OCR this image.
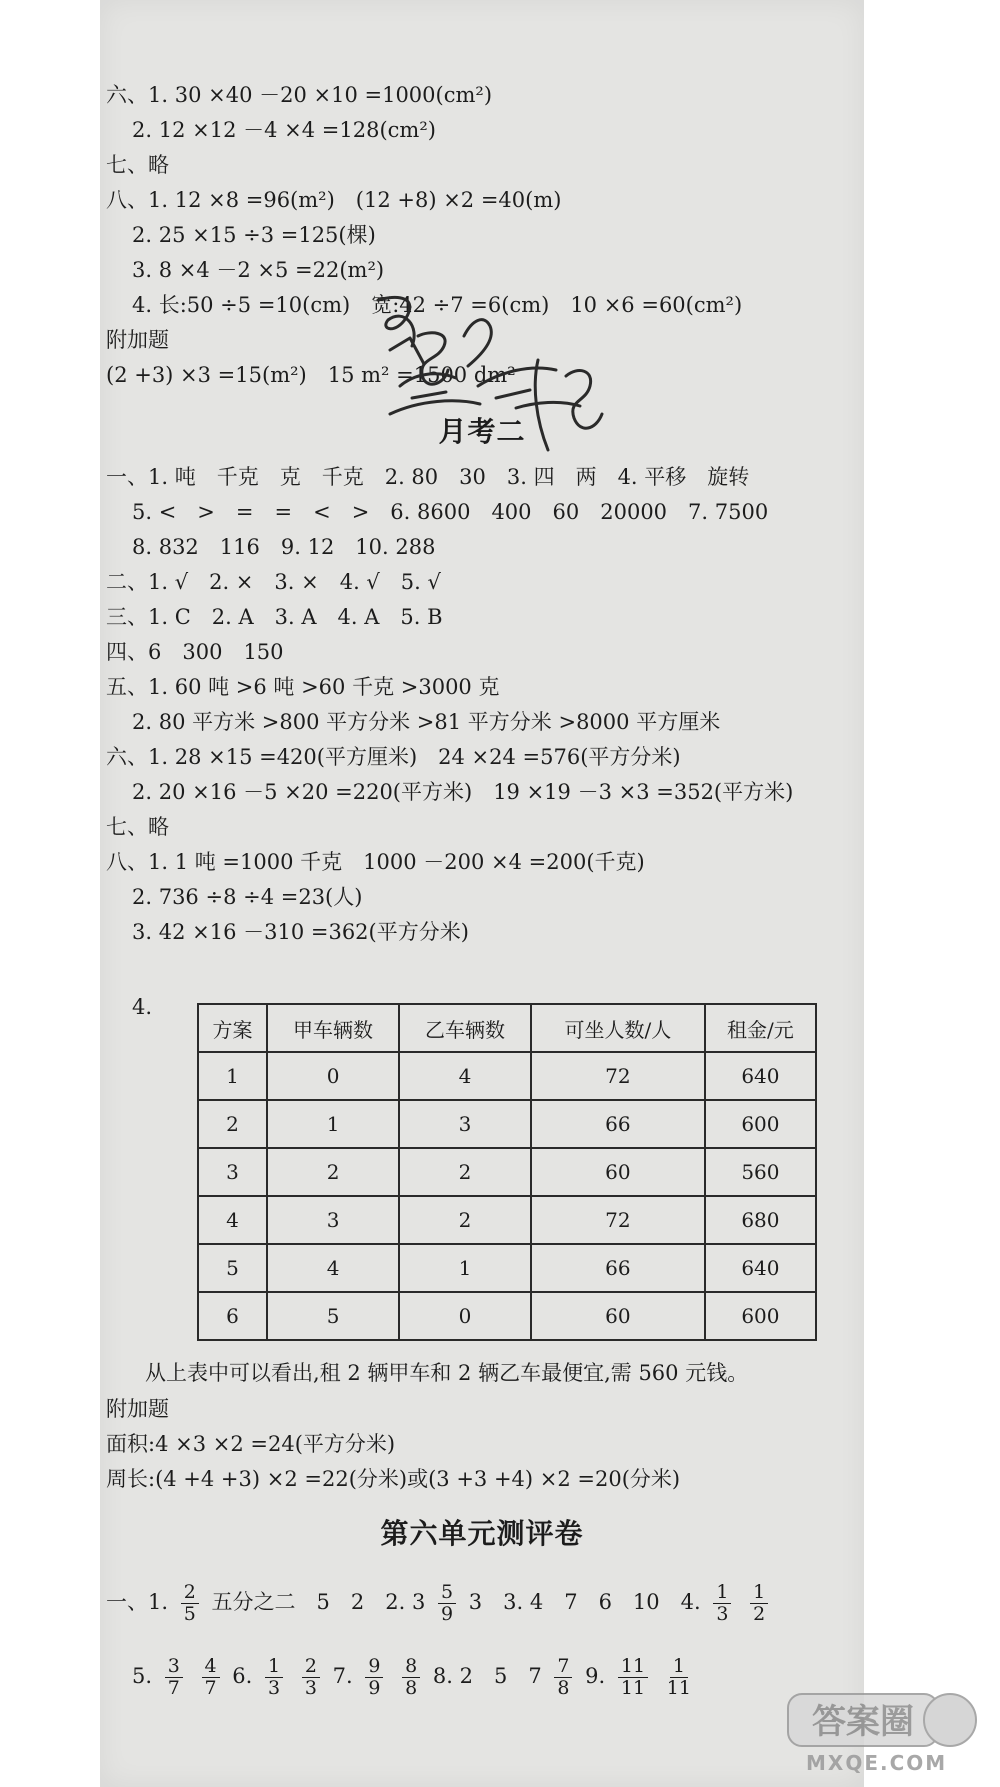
六、1. 30 ×40 －20 ×10 =1000(cm²)
2. 12 ×12 －4 ×4 =128(cm²)
七、略
八、1. 12 ×8 =96(m²)　(12 +8) ×2 =40(m)
2. 25 ×15 ÷3 =125(棵)
3. 8 ×4 －2 ×5 =22(m²)
4. 长:50 ÷5 =10(cm)　宽:42 ÷7 =6(cm)　10 ×6 =60(cm²)
附加题
(2 +3) ×3 =15(m²)　15 m² =1500 dm²
月考二
一、1. 吨　千克　克　千克　2. 80　30　3. 四　两　4. 平移　旋转
5. <　>　=　=　<　>　6. 8600　400　60　20000　7. 7500
8. 832　116　9. 12　10. 288
二、1. √　2. ×　3. ×　4. √　5. √
三、1. C　2. A　3. A　4. A　5. B
四、6　300　150
五、1. 60 吨 >6 吨 >60 千克 >3000 克
2. 80 平方米 >800 平方分米 >81 平方分米 >8000 平方厘米
六、1. 28 ×15 =420(平方厘米)　24 ×24 =576(平方分米)
2. 20 ×16 －5 ×20 =220(平方米)　19 ×19 －3 ×3 =352(平方米)
七、略
八、1. 1 吨 =1000 千克　1000 －200 ×4 =200(千克)
2. 736 ÷8 ÷4 =23(人)
3. 42 ×16 －310 =362(平方分米)
4.
方案	甲车辆数	乙车辆数	可坐人数/人	租金/元
1	0	4	72	640
2	1	3	66	600
3	2	2	60	560
4	3	2	72	680
5	4	1	66	640
6	5	0	60	600
从上表中可以看出,租 2 辆甲车和 2 辆乙车最便宜,需 560 元钱。
附加题
面积:4 ×3 ×2 =24(平方分米)
周长:(4 +4 +3) ×2 =22(分米)或(3 +3 +4) ×2 =20(分米)
第六单元测评卷
一、1. $\frac{2}{5}$ 五分之二　5　2　2. $3 \frac{5}{9} 3$　3. 4　7　6　10　4. $\frac{1}{3}$
$\frac{1}{2}$
5. $\frac{3}{7}$
$\frac{4}{7} 6$. $\frac{1}{3}$
$\frac{2}{3} 7$. $\frac{9}{9}$
$\frac{8}{8} 8$. 2　5　$7 \frac{7}{8} 9$. $\frac{11}{11}$
$\frac{1}{11}$
答案圈
MXQE.COM
